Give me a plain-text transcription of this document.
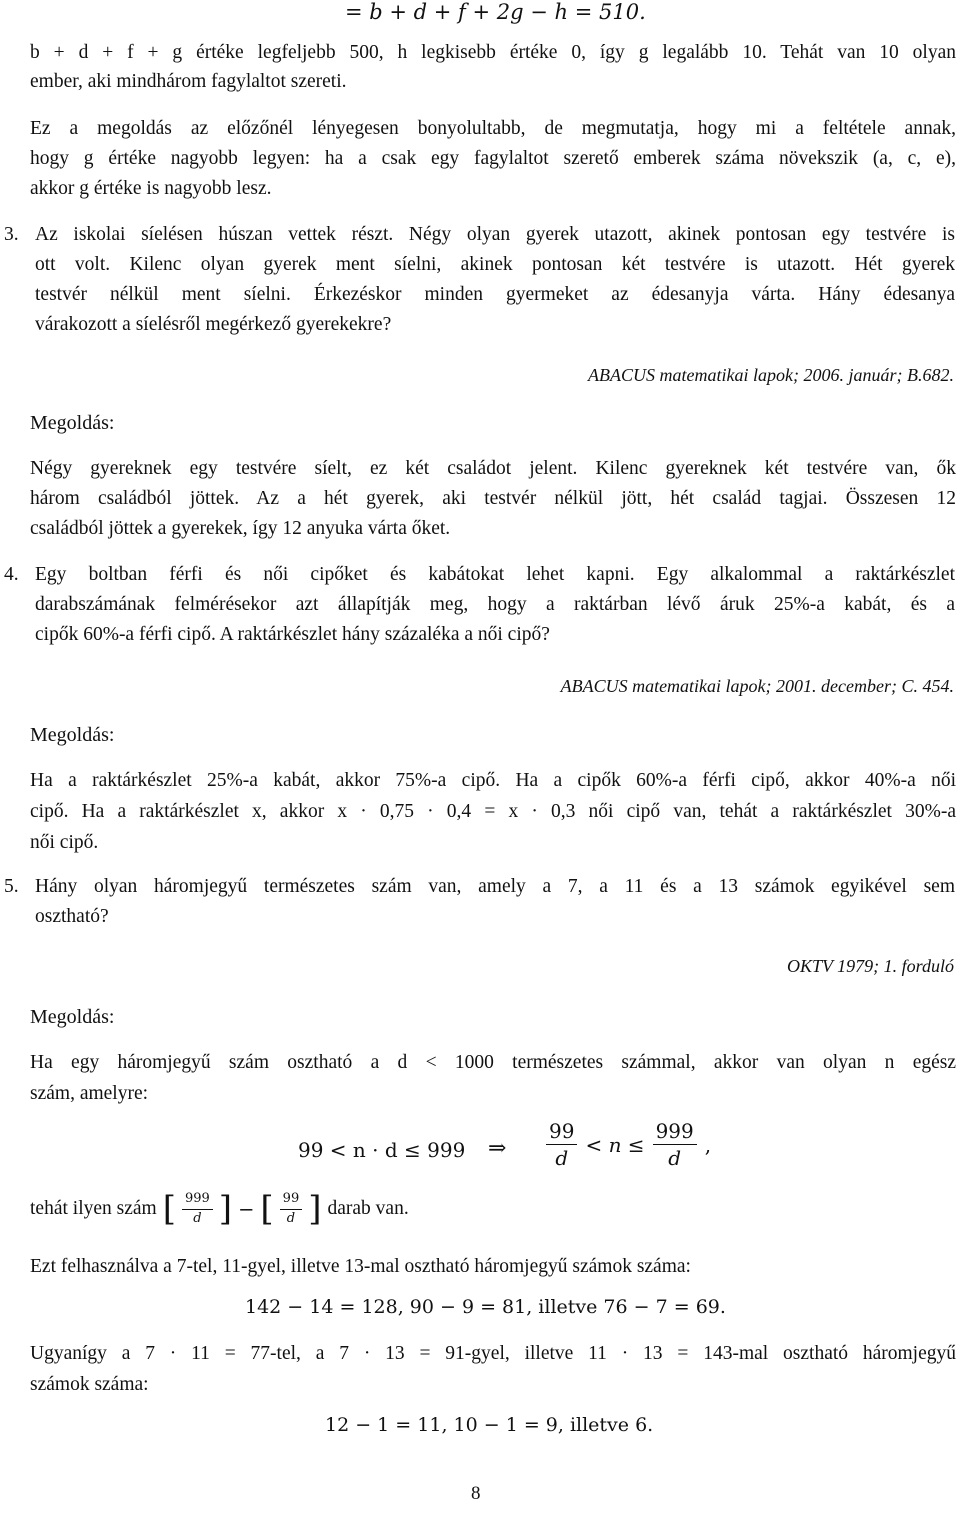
= b + d + f + 2g − h = 510.
b + d + f + g értéke legfeljebb 500, h legkisebb értéke 0, így g legalább 10. Tehát van 10 olyan
ember, aki mindhárom fagylaltot szereti.
Ez a megoldás az előzőnél lényegesen bonyolultabb, de megmutatja, hogy mi a feltétele annak,
hogy g értéke nagyobb legyen: ha a csak egy fagylaltot szerető emberek száma növekszik (a, c, e),
akkor g értéke is nagyobb lesz.
3. Az iskolai síelésen húszan vettek részt. Négy olyan gyerek utazott, akinek pontosan egy testvére is
ott volt. Kilenc olyan gyerek ment síelni, akinek pontosan két testvére is utazott. Hét gyerek
testvér nélkül ment síelni. Érkezéskor minden gyermeket az édesanyja várta. Hány édesanya
várakozott a síelésről megérkező gyerekekre?
ABACUS matematikai lapok; 2006. január; B.682.
Megoldás:
Négy gyereknek egy testvére síelt, ez két családot jelent. Kilenc gyereknek két testvére van, ők
három családból jöttek. Az a hét gyerek, aki testvér nélkül jött, hét család tagjai. Összesen 12
családból jöttek a gyerekek, így 12 anyuka várta őket.
4. Egy boltban férfi és női cipőket és kabátokat lehet kapni. Egy alkalommal a raktárkészlet
darabszámának felmérésekor azt állapítják meg, hogy a raktárban lévő áruk 25%-a kabát, és a
cipők 60%-a férfi cipő. A raktárkészlet hány százaléka a női cipő?
ABACUS matematikai lapok; 2001. december; C. 454.
Megoldás:
Ha a raktárkészlet 25%-a kabát, akkor 75%-a cipő. Ha a cipők 60%-a férfi cipő, akkor 40%-a női
cipő. Ha a raktárkészlet x, akkor x · 0,75 · 0,4 = x · 0,3 női cipő van, tehát a raktárkészlet 30%-a
női cipő.
5. Hány olyan háromjegyű természetes szám van, amely a 7, a 11 és a 13 számok egyikével sem
osztható?
OKTV 1979; 1. forduló
Megoldás:
Ha egy háromjegyű szám osztható a d < 1000 természetes számmal, akkor van olyan n egész
szám, amelyre:
99 < n · d ≤ 999 ⇒ $\frac{99}{d} < n \le \frac{999}{d}$ ,
tehát ilyen szám [ $\frac{999}{d}$ ] − [ $\frac{99}{d}$ ] darab van.
Ezt felhasználva a 7-tel, 11-gyel, illetve 13-mal osztható háromjegyű számok száma:
142 − 14 = 128, 90 − 9 = 81, illetve 76 − 7 = 69.
Ugyanígy a 7 · 11 = 77-tel, a 7 · 13 = 91-gyel, illetve 11 · 13 = 143-mal osztható háromjegyű
számok száma:
12 − 1 = 11, 10 − 1 = 9, illetve 6.
8
